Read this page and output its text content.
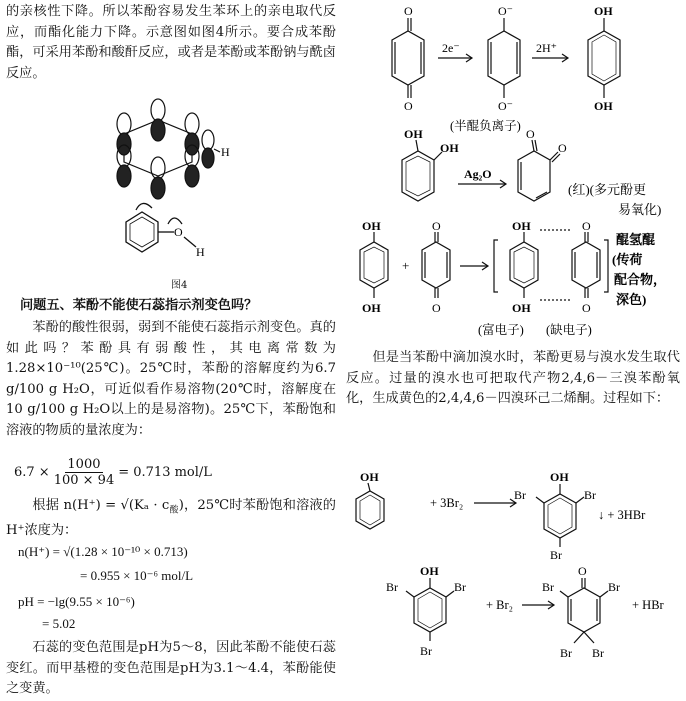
的亲核性下降。所以苯酚容易发生苯环上的亲电取代反应，而酯化能力下降。示意图如图4所示。要合成苯酚酯，可采用苯酚和酸酐反应，或者是苯酚或苯酚钠与酰卤反应。

H
O
H
图4

问题五、苯酚不能使石蕊指示剂变色吗？

苯酚的酸性很弱，弱到不能使石蕊指示剂变色。真的如此吗？苯酚具有弱酸性，其电离常数为1.28×10⁻¹⁰(25℃)。25℃时，苯酚的溶解度约为6.7 g/100 g H₂O，可近似看作易溶物(20℃时，溶解度在10 g/100 g H₂O以上的是易溶物)。25℃下，苯酚饱和溶液的物质的量浓度为：

$6.7 \times \frac{1000}{100 \times 94} = 0.713$ mol/L

根据 $n(H^+) = √(K_a \cdot c_酸)$，25℃时苯酚饱和溶液的H⁺浓度为：

n(H⁺) = √(1.28 × 10⁻¹⁰ × 0.713)
= 0.955 × 10⁻⁶ mol/L
pH = −lg(9.55 × 10⁻⁶)
= 5.02

石蕊的变色范围是pH为5～8，因此苯酚不能使石蕊变红。而甲基橙的变色范围是pH为3.1～4.4，苯酚能使之变黄。

O
O
2e⁻
O⁻
O⁻
2H⁺
OH
OH
(半醌负离子)
OH
OH
Ag₂O
O
O
(红)(多元酚更
易氧化)
OH
OH
+
O
O
OH
OH
O
O
醌氢醌
(传荷
配合物，
深色)
(富电子) (缺电子)

但是当苯酚中滴加溴水时，苯酚更易与溴水发生取代反应。过量的溴水也可把取代产物2,4,6－三溴苯酚氧化，生成黄色的2,4,4,6－四溴环己二烯酮。过程如下：

OH
+ 3Br₂
OH
Br	Br
Br
↓ + 3HBr
OH
Br	Br
Br
+ Br₂
O
Br	Br
Br Br
+ HBr
